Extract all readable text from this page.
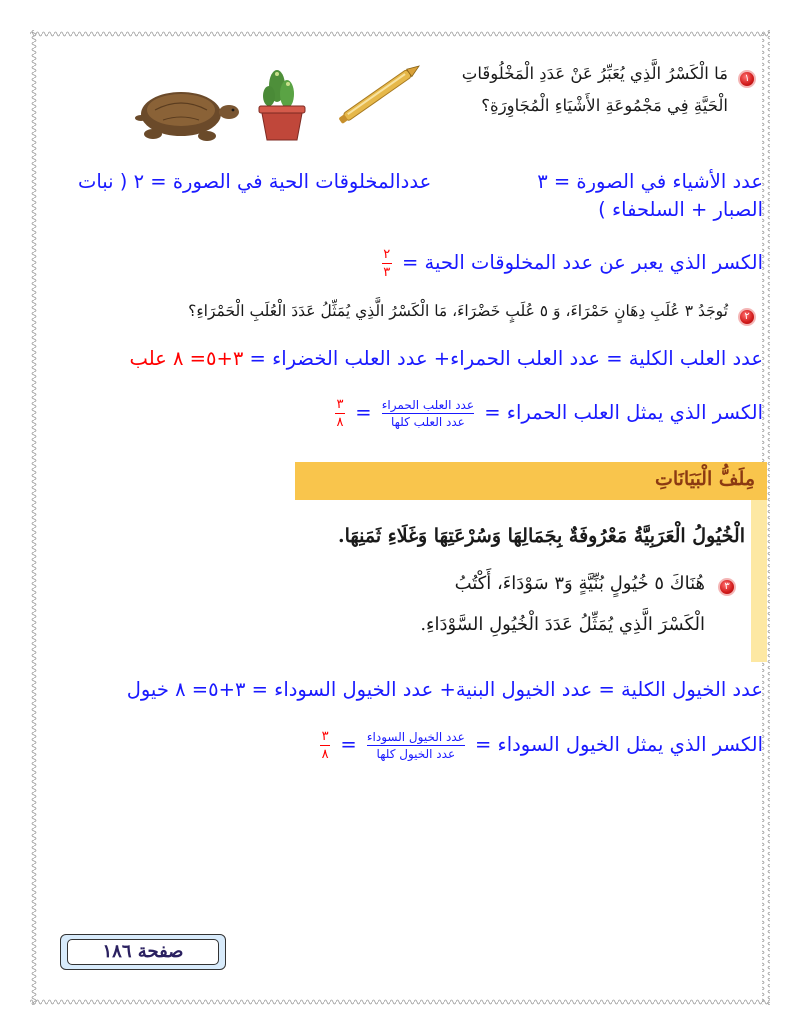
١
مَا الْكَسْرُ الَّذِي يُعَبِّرُ عَنْ عَدَدِ الْمَخْلُوقَاتِ
الْحَيَّةِ فِي مَجْمُوعَةِ الأَشْيَاءِ الْمُجَاوِرَةِ؟
عدد الأشياء في الصورة = ٣
عددالمخلوقات الحية في الصورة = ٢ ( نبات
الصبار + السلحفاء )
الكسر الذي يعبر عن عدد المخلوقات الحية =
$\frac{٢}{٣}$
٢
تُوجَدُ ٣ عُلَبِ دِهَانٍ حَمْرَاءَ، وَ ٥ عُلَبٍ خَضْرَاءَ، مَا الْكَسْرُ الَّذِي يُمَثِّلُ عَدَدَ الْعُلَبِ الْحَمْرَاءِ؟
عدد العلب الكلية = عدد العلب الحمراء+ عدد العلب الخضراء = ٣+٥= ٨ علب
الكسر الذي يمثل العلب الحمراء =
$\frac{\text{عدد العلب الحمراء}}{\text{عدد العلب كلها}}$
=
$\frac{٣}{٨}$
مِلَفُّ الْبَيَانَاتِ
الْخُيُولُ الْعَرَبِيَّةُ مَعْرُوفَةٌ بِجَمَالِهَا وَسُرْعَتِهَا وَغَلَاءِ ثَمَنِهَا.
٣
هُنَاكَ ٥ خُيُولٍ بُنِّيَّةٍ وَ٣ سَوْدَاءَ، أَكْتُبُ
الْكَسْرَ الَّذِي يُمَثِّلُ عَدَدَ الْخُيُولِ السَّوْدَاءِ.
عدد الخيول الكلية = عدد الخيول البنية+ عدد الخيول السوداء = ٣+٥= ٨ خيول
الكسر الذي يمثل الخيول السوداء =
$\frac{\text{عدد الخيول السوداء}}{\text{عدد الخيول كلها}}$
=
$\frac{٣}{٨}$
صفحة ١٨٦
